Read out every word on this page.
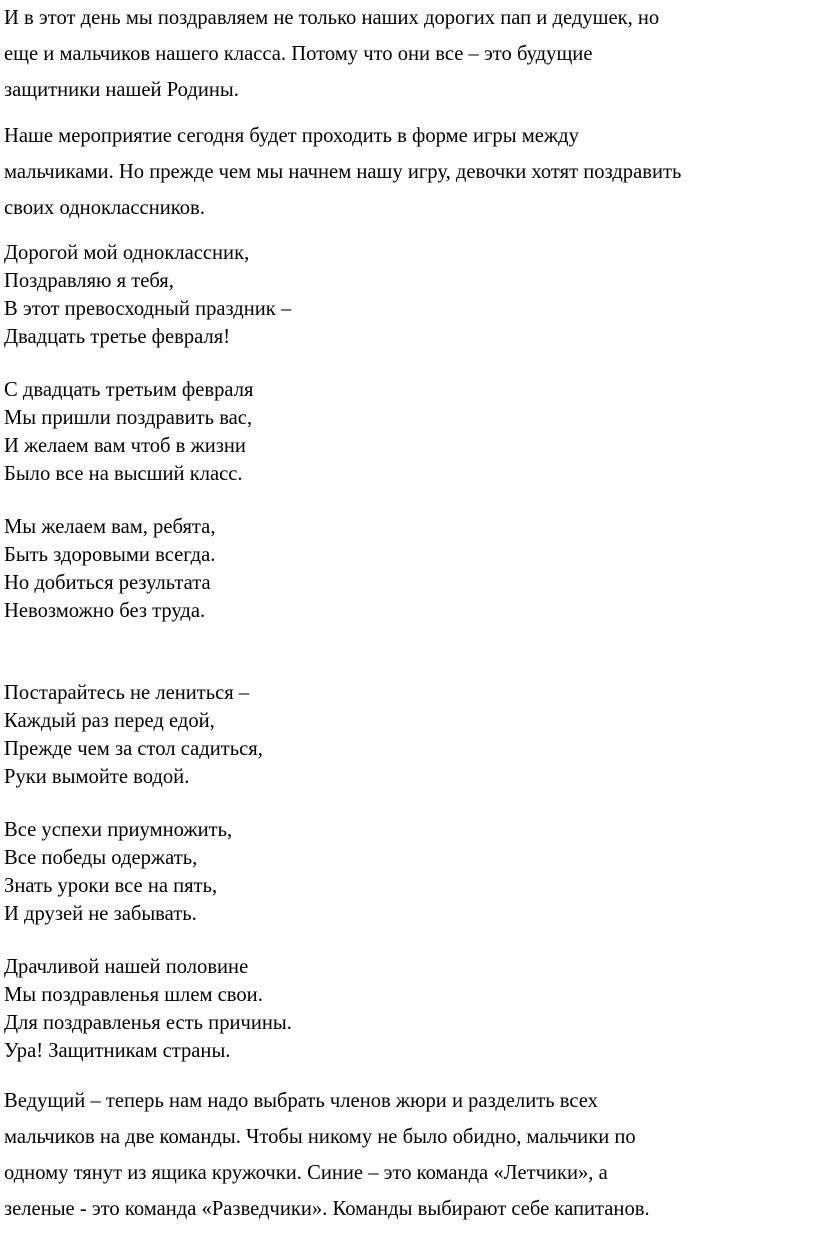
И в этот день мы поздравляем не только наших дорогих пап и дедушек, но
еще и мальчиков нашего класса. Потому что они все – это будущие
защитники нашей Родины.
Наше мероприятие сегодня будет проходить в форме игры между
мальчиками. Но прежде чем мы начнем нашу игру, девочки хотят поздравить
своих одноклассников.
Дорогой мой одноклассник,
Поздравляю я тебя,
В этот превосходный праздник –
Двадцать третье февраля!
С двадцать третьим февраля
Мы пришли поздравить вас,
И желаем вам чтоб в жизни
Было все на высший класс.
Мы желаем вам, ребята,
Быть здоровыми всегда.
Но добиться результата
Невозможно без труда.
Постарайтесь не лениться –
Каждый раз перед едой,
Прежде чем за стол садиться,
Руки вымойте водой.
Все успехи приумножить,
Все победы одержать,
Знать уроки все на пять,
И друзей не забывать.
Драчливой нашей половине
Мы поздравленья шлем свои.
Для поздравленья есть причины.
Ура! Защитникам страны.
Ведущий – теперь нам надо выбрать членов жюри и разделить всех
мальчиков на две команды. Чтобы никому не было обидно, мальчики по
одному тянут из ящика кружочки. Синие – это команда «Летчики», а
зеленые - это команда «Разведчики». Команды выбирают себе капитанов.
